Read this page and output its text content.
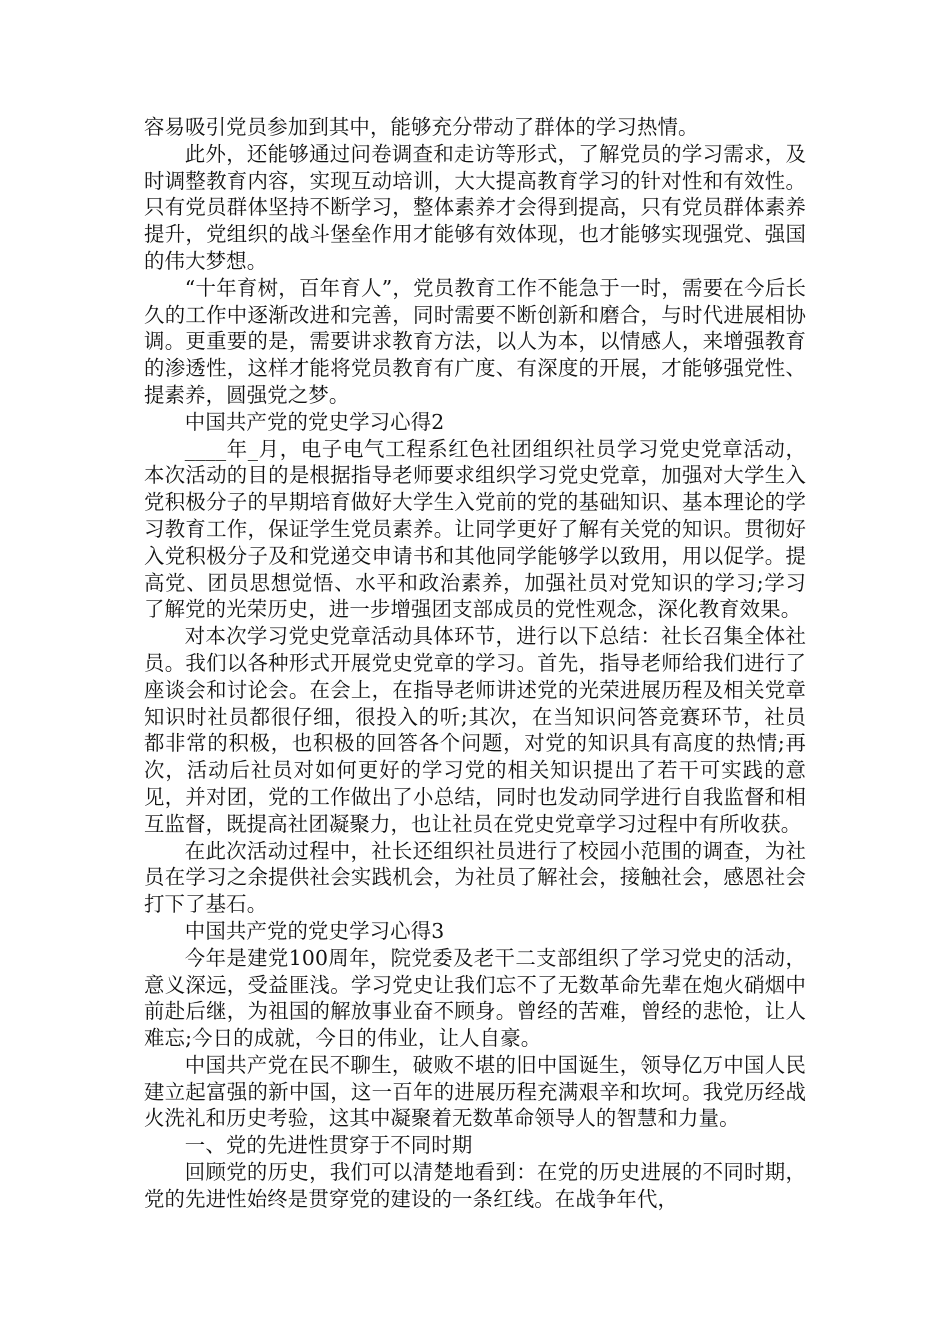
容易吸引党员参加到其中，能够充分带动了群体的学习热情。

此外，还能够通过问卷调查和走访等形式，了解党员的学习需求，及时调整教育内容，实现互动培训，大大提高教育学习的针对性和有效性。只有党员群体坚持不断学习，整体素养才会得到提高，只有党员群体素养提升，党组织的战斗堡垒作用才能够有效体现，也才能够实现强党、强国的伟大梦想。

“十年育树，百年育人”，党员教育工作不能急于一时，需要在今后长久的工作中逐渐改进和完善，同时需要不断创新和磨合，与时代进展相协调。更重要的是，需要讲求教育方法，以人为本，以情感人，来增强教育的渗透性，这样才能将党员教育有广度、有深度的开展，才能够强党性、提素养，圆强党之梦。

中国共产党的党史学习心得2

____年_月，电子电气工程系红色社团组织社员学习党史党章活动，本次活动的目的是根据指导老师要求组织学习党史党章，加强对大学生入党积极分子的早期培育做好大学生入党前的党的基础知识、基本理论的学习教育工作，保证学生党员素养。让同学更好了解有关党的知识。贯彻好入党积极分子及和党递交申请书和其他同学能够学以致用，用以促学。提高党、团员思想觉悟、水平和政治素养，加强社员对党知识的学习;学习了解党的光荣历史，进一步增强团支部成员的党性观念，深化教育效果。

对本次学习党史党章活动具体环节，进行以下总结：社长召集全体社员。我们以各种形式开展党史党章的学习。首先，指导老师给我们进行了座谈会和讨论会。在会上，在指导老师讲述党的光荣进展历程及相关党章知识时社员都很仔细，很投入的听;其次，在当知识问答竞赛环节，社员都非常的积极，也积极的回答各个问题，对党的知识具有高度的热情;再次，活动后社员对如何更好的学习党的相关知识提出了若干可实践的意见，并对团，党的工作做出了小总结，同时也发动同学进行自我监督和相互监督，既提高社团凝聚力，也让社员在党史党章学习过程中有所收获。

在此次活动过程中，社长还组织社员进行了校园小范围的调查，为社员在学习之余提供社会实践机会，为社员了解社会，接触社会，感恩社会打下了基石。

中国共产党的党史学习心得3

今年是建党100周年，院党委及老干二支部组织了学习党史的活动，意义深远，受益匪浅。学习党史让我们忘不了无数革命先辈在炮火硝烟中前赴后继，为祖国的解放事业奋不顾身。曾经的苦难，曾经的悲怆，让人难忘;今日的成就，今日的伟业，让人自豪。

中国共产党在民不聊生，破败不堪的旧中国诞生，领导亿万中国人民建立起富强的新中国，这一百年的进展历程充满艰辛和坎坷。我党历经战火洗礼和历史考验，这其中凝聚着无数革命领导人的智慧和力量。

一、党的先进性贯穿于不同时期

回顾党的历史，我们可以清楚地看到：在党的历史进展的不同时期，党的先进性始终是贯穿党的建设的一条红线。在战争年代，
